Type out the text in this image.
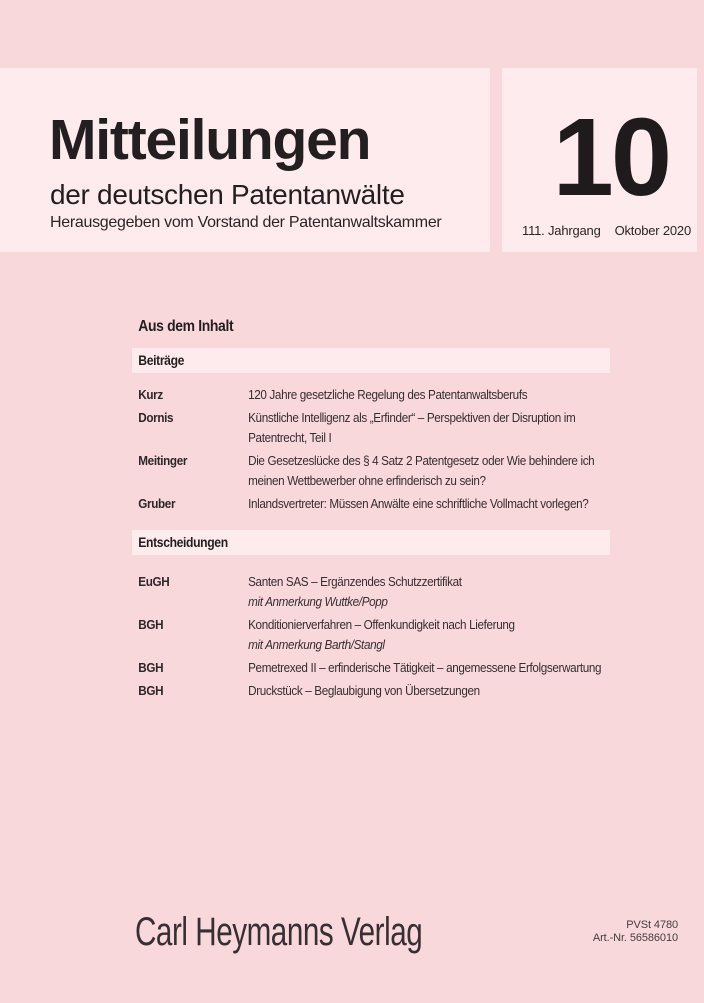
Mitteilungen
der deutschen Patentanwälte
Herausgegeben vom Vorstand der Patentanwaltskammer
10
111. Jahrgang Oktober 2020
Aus dem Inhalt
Beiträge
Kurz	120 Jahre gesetzliche Regelung des Patentanwaltsberufs
Dornis	Künstliche Intelligenz als „Erfinder“ – Perspektiven der Disruption im Patentrecht, Teil I
Meitinger	Die Gesetzeslücke des § 4 Satz 2 Patentgesetz oder Wie behindere ich meinen Wettbewerber ohne erfinderisch zu sein?
Gruber	Inlandsvertreter: Müssen Anwälte eine schriftliche Vollmacht vorlegen?
Entscheidungen
EuGH	Santen SAS – Ergänzendes Schutzzertifikat
mit Anmerkung Wuttke/Popp
BGH	Konditionierverfahren – Offenkundigkeit nach Lieferung
mit Anmerkung Barth/Stangl
BGH	Pemetrexed II – erfinderische Tätigkeit – angemessene Erfolgserwartung
BGH	Druckstück – Beglaubigung von Übersetzungen
Carl Heymanns Verlag	PVSt 4780
Art.-Nr. 56586010
